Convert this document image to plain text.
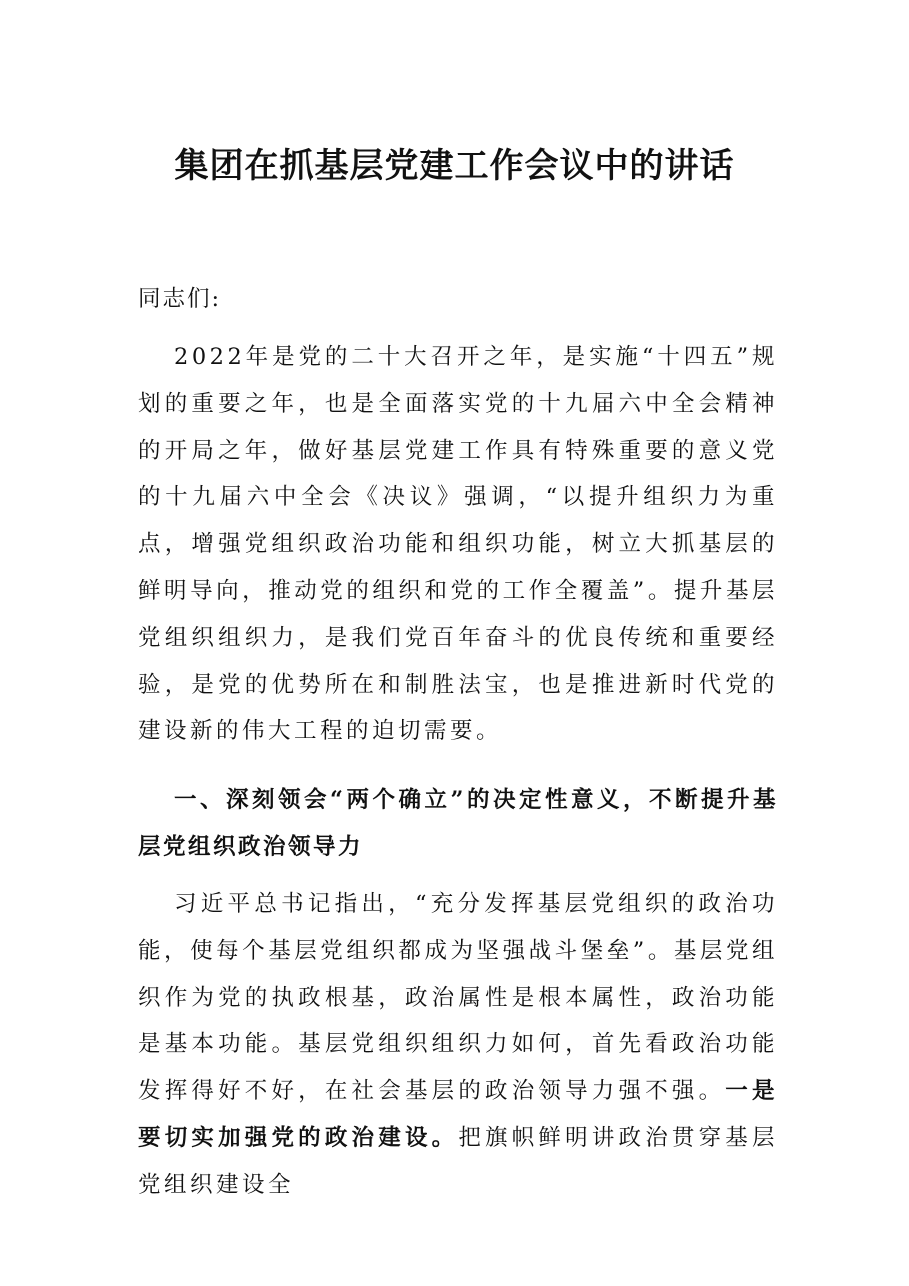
集团在抓基层党建工作会议中的讲话
同志们:
2022年是党的二十大召开之年，是实施“十四五”规划的重要之年，也是全面落实党的十九届六中全会精神的开局之年，做好基层党建工作具有特殊重要的意义党的十九届六中全会《决议》强调，“以提升组织力为重点，增强党组织政治功能和组织功能，树立大抓基层的鲜明导向，推动党的组织和党的工作全覆盖”。提升基层党组织组织力，是我们党百年奋斗的优良传统和重要经验，是党的优势所在和制胜法宝，也是推进新时代党的建设新的伟大工程的迫切需要。
一、深刻领会“两个确立”的决定性意义，不断提升基层党组织政治领导力
习近平总书记指出，“充分发挥基层党组织的政治功能，使每个基层党组织都成为坚强战斗堡垒”。基层党组织作为党的执政根基，政治属性是根本属性，政治功能是基本功能。基层党组织组织力如何，首先看政治功能发挥得好不好，在社会基层的政治领导力强不强。一是要切实加强党的政治建设。把旗帜鲜明讲政治贯穿基层党组织建设全
